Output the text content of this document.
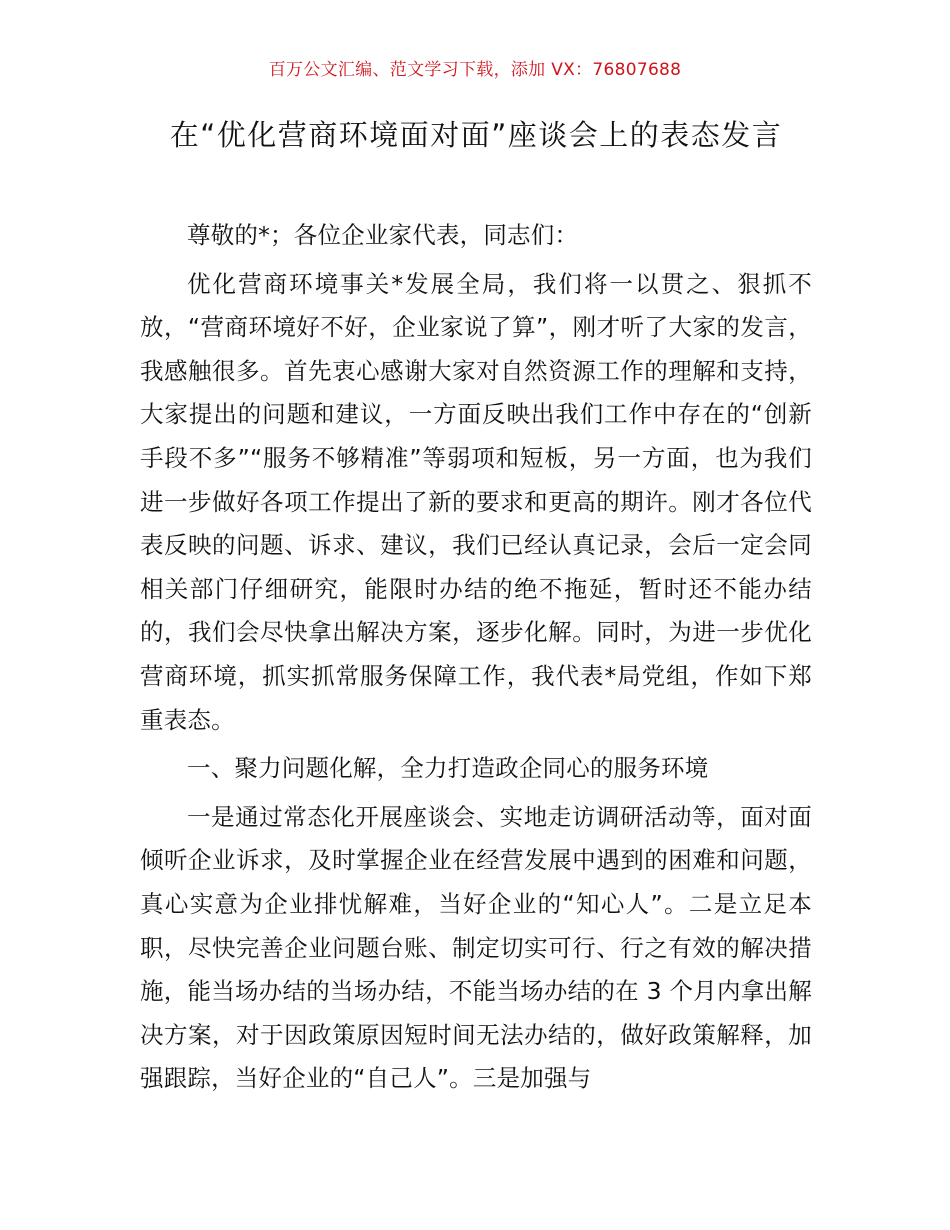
百万公文汇编、范文学习下载，添加 VX：76807688
在“优化营商环境面对面”座谈会上的表态发言

尊敬的*；各位企业家代表，同志们：

优化营商环境事关*发展全局，我们将一以贯之、狠抓不放，“营商环境好不好，企业家说了算”，刚才听了大家的发言，我感触很多。首先衷心感谢大家对自然资源工作的理解和支持，大家提出的问题和建议，一方面反映出我们工作中存在的“创新手段不多”“服务不够精准”等弱项和短板，另一方面，也为我们进一步做好各项工作提出了新的要求和更高的期许。刚才各位代表反映的问题、诉求、建议，我们已经认真记录，会后一定会同相关部门仔细研究，能限时办结的绝不拖延，暂时还不能办结的，我们会尽快拿出解决方案，逐步化解。同时，为进一步优化营商环境，抓实抓常服务保障工作，我代表*局党组，作如下郑重表态。

一、聚力问题化解，全力打造政企同心的服务环境

一是通过常态化开展座谈会、实地走访调研活动等，面对面倾听企业诉求，及时掌握企业在经营发展中遇到的困难和问题，真心实意为企业排忧解难，当好企业的“知心人”。二是立足本职，尽快完善企业问题台账、制定切实可行、行之有效的解决措施，能当场办结的当场办结，不能当场办结的在 3 个月内拿出解决方案，对于因政策原因短时间无法办结的，做好政策解释，加强跟踪，当好企业的“自己人”。三是加强与
